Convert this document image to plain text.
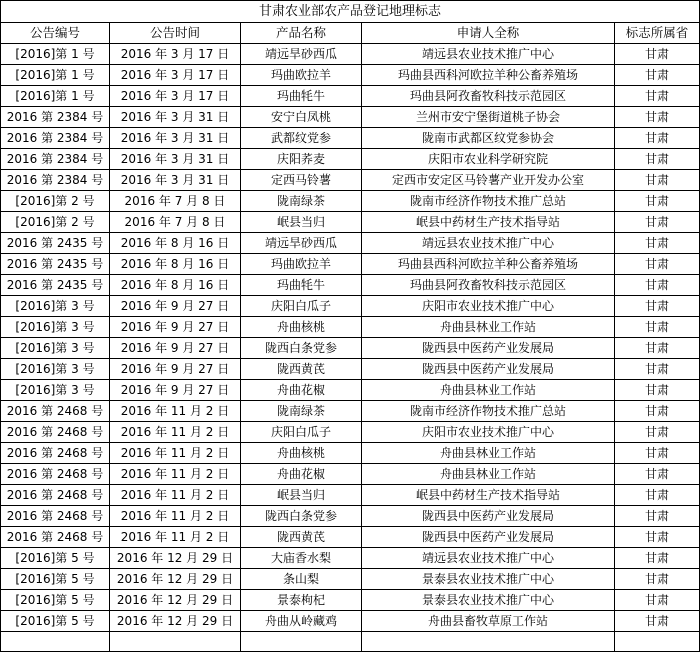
甘肃农业部农产品登记地理标志				
公告编号	公告时间	产品名称	申请人全称	标志所属省
[2016]第 1 号	2016 年 3 月 17 日	靖远旱砂西瓜	靖远县农业技术推广中心	甘肃
[2016]第 1 号	2016 年 3 月 17 日	玛曲欧拉羊	玛曲县西科河欧拉羊种公畜养殖场	甘肃
[2016]第 1 号	2016 年 3 月 17 日	玛曲牦牛	玛曲县阿孜畜牧科技示范园区	甘肃
2016 第 2384 号	2016 年 3 月 31 日	安宁白凤桃	兰州市安宁堡街道桃子协会	甘肃
2016 第 2384 号	2016 年 3 月 31 日	武都纹党参	陇南市武都区纹党参协会	甘肃
2016 第 2384 号	2016 年 3 月 31 日	庆阳荞麦	庆阳市农业科学研究院	甘肃
2016 第 2384 号	2016 年 3 月 31 日	定西马铃薯	定西市安定区马铃薯产业开发办公室	甘肃
[2016]第 2 号	2016 年 7 月 8 日	陇南绿茶	陇南市经济作物技术推广总站	甘肃
[2016]第 2 号	2016 年 7 月 8 日	岷县当归	岷县中药材生产技术指导站	甘肃
2016 第 2435 号	2016 年 8 月 16 日	靖远旱砂西瓜	靖远县农业技术推广中心	甘肃
2016 第 2435 号	2016 年 8 月 16 日	玛曲欧拉羊	玛曲县西科河欧拉羊种公畜养殖场	甘肃
2016 第 2435 号	2016 年 8 月 16 日	玛曲牦牛	玛曲县阿孜畜牧科技示范园区	甘肃
[2016]第 3 号	2016 年 9 月 27 日	庆阳白瓜子	庆阳市农业技术推广中心	甘肃
[2016]第 3 号	2016 年 9 月 27 日	舟曲核桃	舟曲县林业工作站	甘肃
[2016]第 3 号	2016 年 9 月 27 日	陇西白条党参	陇西县中医药产业发展局	甘肃
[2016]第 3 号	2016 年 9 月 27 日	陇西黄芪	陇西县中医药产业发展局	甘肃
[2016]第 3 号	2016 年 9 月 27 日	舟曲花椒	舟曲县林业工作站	甘肃
2016 第 2468 号	2016 年 11 月 2 日	陇南绿茶	陇南市经济作物技术推广总站	甘肃
2016 第 2468 号	2016 年 11 月 2 日	庆阳白瓜子	庆阳市农业技术推广中心	甘肃
2016 第 2468 号	2016 年 11 月 2 日	舟曲核桃	舟曲县林业工作站	甘肃
2016 第 2468 号	2016 年 11 月 2 日	舟曲花椒	舟曲县林业工作站	甘肃
2016 第 2468 号	2016 年 11 月 2 日	岷县当归	岷县中药材生产技术指导站	甘肃
2016 第 2468 号	2016 年 11 月 2 日	陇西白条党参	陇西县中医药产业发展局	甘肃
2016 第 2468 号	2016 年 11 月 2 日	陇西黄芪	陇西县中医药产业发展局	甘肃
[2016]第 5 号	2016 年 12 月 29 日	大庙香水梨	靖远县农业技术推广中心	甘肃
[2016]第 5 号	2016 年 12 月 29 日	条山梨	景泰县农业技术推广中心	甘肃
[2016]第 5 号	2016 年 12 月 29 日	景泰枸杞	景泰县农业技术推广中心	甘肃
[2016]第 5 号	2016 年 12 月 29 日	舟曲从岭藏鸡	舟曲县畜牧草原工作站	甘肃
